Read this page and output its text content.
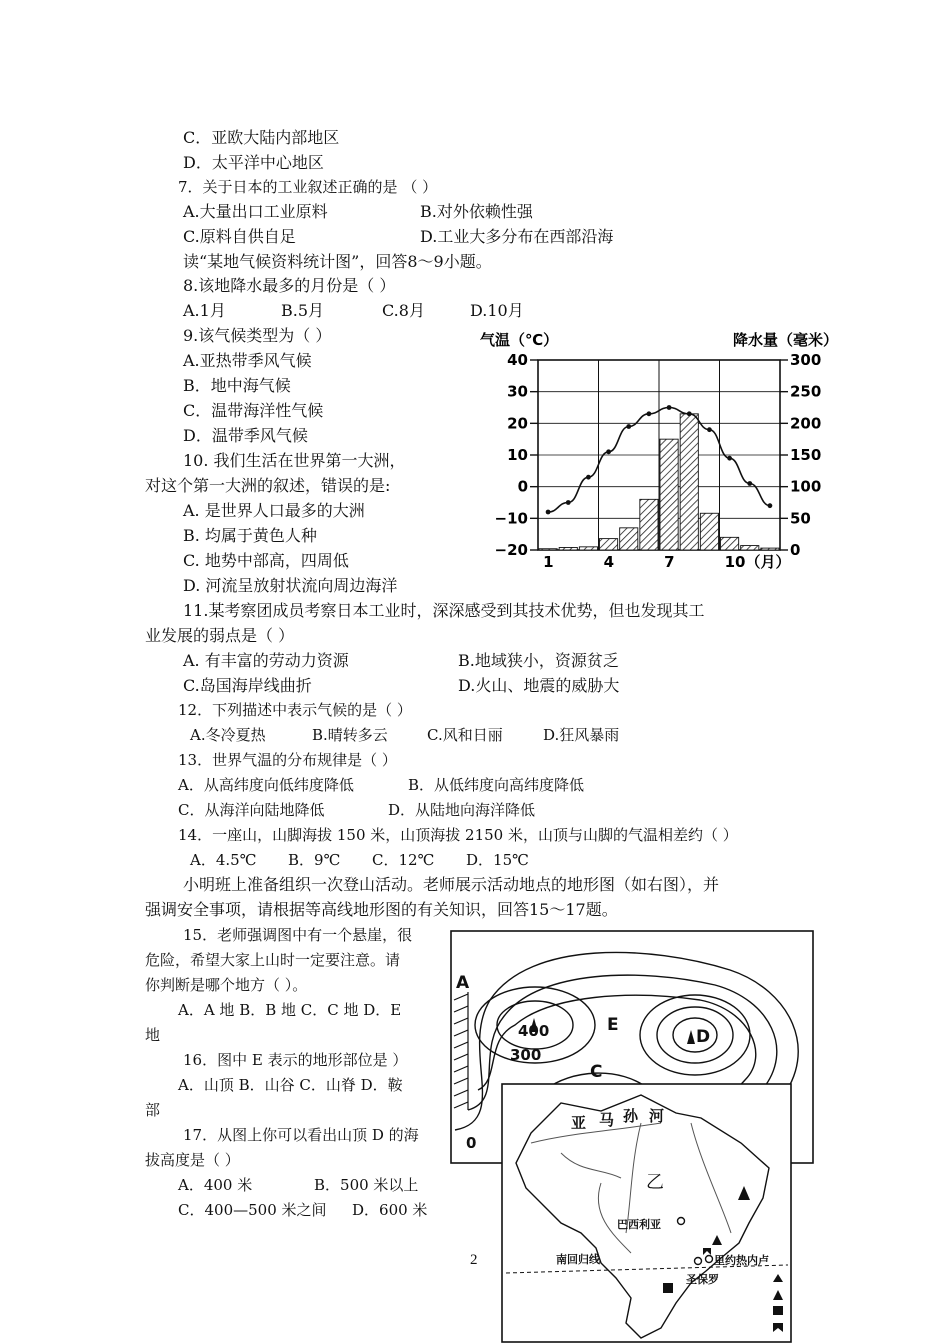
C．亚欧大陆内部地区
D．太平洋中心地区
7．关于日本的工业叙述正确的是 （ ）
A.大量出口工业原料	B.对外依赖性强
C.原料自供自足	D.工业大多分布在西部沿海
读“某地气候资料统计图”，回答8～9小题。
8.该地降水最多的月份是（ ）
A.1月	B.5月	C.8月	D.10月
9.该气候类型为（ ）
A.亚热带季风气候
B．地中海气候
C．温带海洋性气候
D．温带季风气候
10. 我们生活在世界第一大洲，
对这个第一大洲的叙述，错误的是:
A. 是世界人口最多的大洲
B. 均属于黄色人种
C. 地势中部高，四周低
D. 河流呈放射状流向周边海洋
11.某考察团成员考察日本工业时，深深感受到其技术优势，但也发现其工
业发展的弱点是（ ）
A. 有丰富的劳动力资源	B.地域狭小，资源贫乏
C.岛国海岸线曲折	D.火山、地震的威胁大
12．下列描述中表示气候的是（ ）
A.冬冷夏热	B.晴转多云	C.风和日丽	D.狂风暴雨
13．世界气温的分布规律是（ ）
A．从高纬度向低纬度降低	B．从低纬度向高纬度降低
C．从海洋向陆地降低	D．从陆地向海洋降低
14．一座山，山脚海拔 150 米，山顶海拔 2150 米，山顶与山脚的气温相差约（ ）
A．4.5℃ B．9℃ C．12℃ D．15℃
小明班上准备组织一次登山活动。老师展示活动地点的地形图（如右图），并
强调安全事项，请根据等高线地形图的有关知识，回答15～17题。
15．老师强调图中有一个悬崖，很
危险，希望大家上山时一定要注意。请
你判断是哪个地方（ ）。
A．A 地 B．B 地 C．C 地 D．E
地
16．图中 E 表示的地形部位是 ）
A．山顶 B．山谷 C．山脊 D．鞍
部
17．从图上你可以看出山顶 D 的海
拔高度是（ ）
A．400 米	B．500 米以上
C．400—500 米之间 D．600 米
2
气温（℃）	降水量（毫米）
40
30
20
10
0
−10
−20
300
250
200
150
100
50
0
1	4	7	10（月）
A
E
D
C
400
300
0
亚 马 孙 河
乙
巴西利亚
南回归线	里约热内卢
圣保罗
